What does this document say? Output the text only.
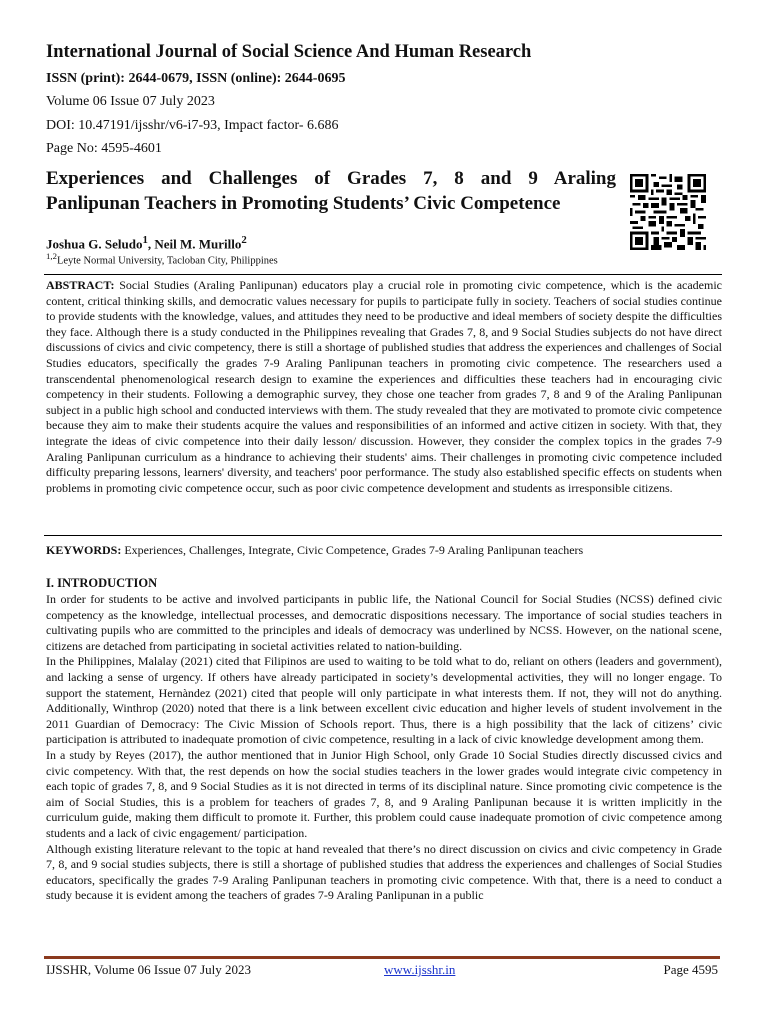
International Journal of Social Science And Human Research
ISSN (print): 2644-0679, ISSN (online): 2644-0695
Volume 06 Issue 07 July 2023
DOI: 10.47191/ijsshr/v6-i7-93, Impact factor- 6.686
Page No: 4595-4601
Experiences and Challenges of Grades 7, 8 and 9 Araling
Panlipunan Teachers in Promoting Students’ Civic Competence
Joshua G. Seludo$^1$, Neil M. Murillo$^2$
$^{1,2}$Leyte Normal University, Tacloban City, Philippines

ABSTRACT: Social Studies (Araling Panlipunan) educators play a crucial role in promoting civic competence, which is the academic content, critical thinking skills, and democratic values necessary for pupils to participate fully in society. Teachers of social studies continue to provide students with the knowledge, values, and attitudes they need to be productive and ideal members of society despite the difficulties they face. Although there is a study conducted in the Philippines revealing that Grades 7, 8, and 9 Social Studies subjects do not have direct discussions of civics and civic competency, there is still a shortage of published studies that address the experiences and challenges of Social Studies educators, specifically the grades 7-9 Araling Panlipunan teachers in promoting civic competence. The researchers used a transcendental phenomenological research design to examine the experiences and difficulties these teachers had in encouraging civic competency in their students. Following a demographic survey, they chose one teacher from grades 7, 8 and 9 of the Araling Panlipunan subject in a public high school and conducted interviews with them. The study revealed that they are motivated to promote civic competence because they aim to make their students acquire the values and responsibilities of an informed and active citizen in society. With that, they integrate the ideas of civic competence into their daily lesson/ discussion. However, they consider the complex topics in the grades 7-9 Araling Panlipunan curriculum as a hindrance to achieving their students' aims. Their challenges in promoting civic competence included difficulty preparing lessons, learners' diversity, and teachers' poor performance. The study also established specific effects on students when problems in promoting civic competence occur, such as poor civic competence development and students as irresponsible citizens.

KEYWORDS: Experiences, Challenges, Integrate, Civic Competence, Grades 7-9 Araling Panlipunan teachers
I. INTRODUCTION

In order for students to be active and involved participants in public life, the National Council for Social Studies (NCSS) defined civic competency as the knowledge, intellectual processes, and democratic dispositions necessary. The importance of social studies teachers in cultivating pupils who are committed to the principles and ideals of democracy was underlined by NCSS. However, on the national scene, citizens are detached from participating in societal activities related to nation-building.

In the Philippines, Malalay (2021) cited that Filipinos are used to waiting to be told what to do, reliant on others (leaders and government), and lacking a sense of urgency. If others have already participated in society’s developmental activities, they will no longer engage. To support the statement, Hernàndez (2021) cited that people will only participate in what interests them. If not, they will not do anything. Additionally, Winthrop (2020) noted that there is a link between excellent civic education and higher levels of student involvement in the 2011 Guardian of Democracy: The Civic Mission of Schools report. Thus, there is a high possibility that the lack of citizens’ civic participation is attributed to inadequate promotion of civic competence, resulting in a lack of civic knowledge development among them.

In a study by Reyes (2017), the author mentioned that in Junior High School, only Grade 10 Social Studies directly discussed civics and civic competency. With that, the rest depends on how the social studies teachers in the lower grades would integrate civic competency in each topic of grades 7, 8, and 9 Social Studies as it is not directed in terms of its disciplinal nature. Since promoting civic competence is the aim of Social Studies, this is a problem for teachers of grades 7, 8, and 9 Araling Panlipunan because it is written implicitly in the curriculum guide, making them difficult to promote it. Further, this problem could cause inadequate promotion of civic competence among students and a lack of civic engagement/ participation.

Although existing literature relevant to the topic at hand revealed that there’s no direct discussion on civics and civic competency in Grade 7, 8, and 9 social studies subjects, there is still a shortage of published studies that address the experiences and challenges of Social Studies educators, specifically the grades 7-9 Araling Panlipunan teachers in promoting civic competence. With that, there is a need to conduct a study because it is evident among the teachers of grades 7-9 Araling Panlipunan in a public

IJSSHR, Volume 06 Issue 07 July 2023	www.ijsshr.in	Page 4595
